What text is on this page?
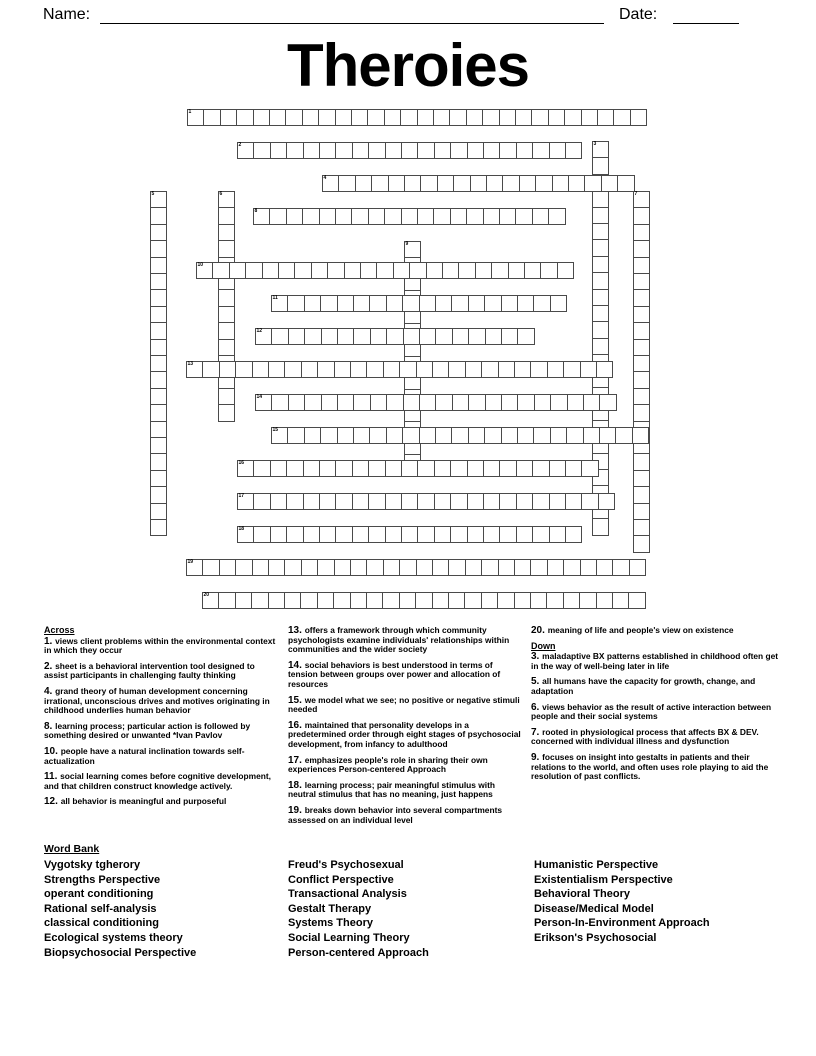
Name:	Date:
Theroies
1
2	3
4
5	6	7
8
9
10
11
12
13
14
15
16
17
18
19
20
Across
1. views client problems within the environmental context in which they occur
2. sheet is a behavioral intervention tool designed to assist participants in challenging faulty thinking
4. grand theory of human development concerning irrational, unconscious drives and motives originating in childhood underlies human behavior
8. learning process; particular action is followed by something desired or unwanted *Ivan Pavlov
10. people have a natural inclination towards self-actualization
11. social learning comes before cognitive development, and that children construct knowledge actively.
12. all behavior is meaningful and purposeful
13. offers a framework through which community psychologists examine individuals' relationships within communities and the wider society
14. social behaviors is best understood in terms of tension between groups over power and allocation of resources
15. we model what we see; no positive or negative stimuli needed
16. maintained that personality develops in a predetermined order through eight stages of psychosocial development, from infancy to adulthood
17. emphasizes people's role in sharing their own experiences Person-centered Approach
18. learning process; pair meaningful stimulus with neutral stimulus that has no meaning, just happens
19. breaks down behavior into several compartments assessed on an individual level
20. meaning of life and people's view on existence
Down
3. maladaptive BX patterns established in childhood often get in the way of well-being later in life
5. all humans have the capacity for growth, change, and adaptation
6. views behavior as the result of active interaction between people and their social systems
7. rooted in physiological process that affects BX & DEV. concerned with individual illness and dysfunction
9. focuses on insight into gestalts in patients and their relations to the world, and often uses role playing to aid the resolution of past conflicts.
Word Bank
Vygotsky tgherory
Strengths Perspective
operant conditioning
Rational self-analysis
classical conditioning
Ecological systems theory
Biopsychosocial Perspective
Freud's Psychosexual
Conflict Perspective
Transactional Analysis
Gestalt Therapy
Systems Theory
Social Learning Theory
Person-centered Approach
Humanistic Perspective
Existentialism Perspective
Behavioral Theory
Disease/Medical Model
Person-In-Environment Approach
Erikson's Psychosocial
